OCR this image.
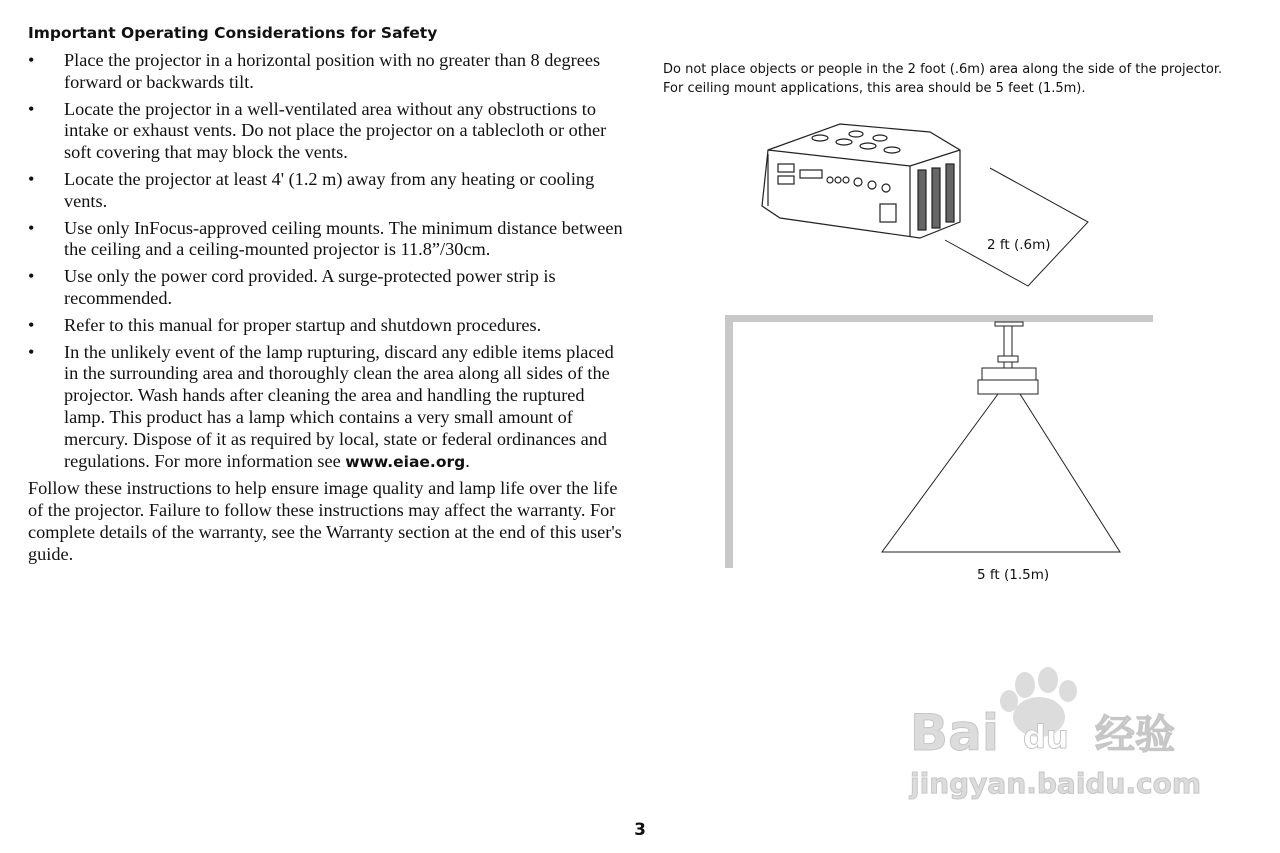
Important Operating Considerations for Safety
• Place the projector in a horizontal position with no greater than 8 degrees forward or backwards tilt.
• Locate the projector in a well-ventilated area without any obstructions to intake or exhaust vents. Do not place the projector on a tablecloth or other soft covering that may block the vents.
• Locate the projector at least 4' (1.2 m) away from any heating or cooling vents.
• Use only InFocus-approved ceiling mounts. The minimum distance between the ceiling and a ceiling-mounted projector is 11.8”/30cm.
• Use only the power cord provided. A surge-protected power strip is recommended.
• Refer to this manual for proper startup and shutdown procedures.
• In the unlikely event of the lamp rupturing, discard any edible items placed in the surrounding area and thoroughly clean the area along all sides of the projector. Wash hands after cleaning the area and handling the ruptured lamp. This product has a lamp which contains a very small amount of mercury. Dispose of it as required by local, state or federal ordinances and regulations. For more information see www.eiae.org.
Follow these instructions to help ensure image quality and lamp life over the life of the projector. Failure to follow these instructions may affect the warranty. For complete details of the warranty, see the Warranty section at the end of this user's guide.
Do not place objects or people in the 2 foot (.6m) area along the side of the projector.
For ceiling mount applications, this area should be 5 feet (1.5m).
2 ft (.6m)
5 ft (1.5m)
3
Bai du 经验
jingyan.baidu.com
